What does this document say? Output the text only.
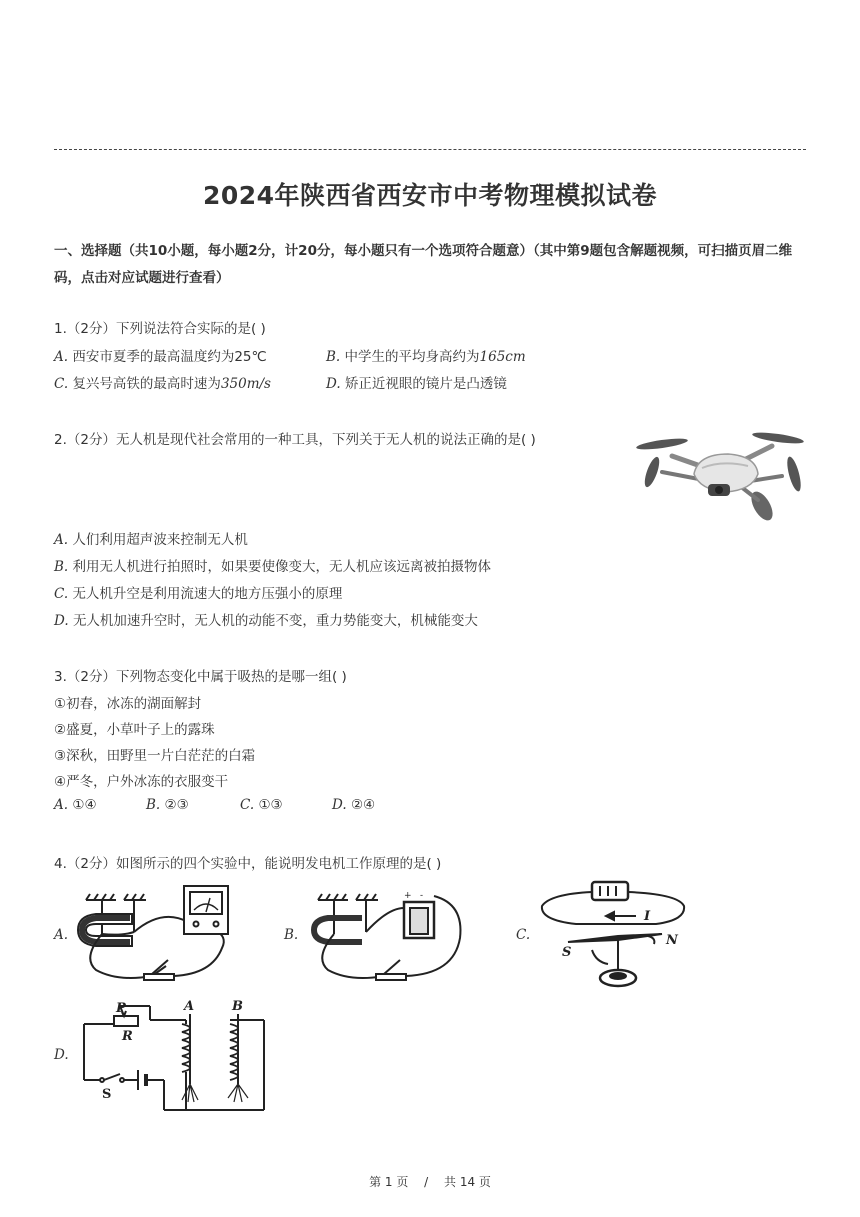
2024年陕西省西安市中考物理模拟试卷
一、选择题（共10小题，每小题2分，计20分，每小题只有一个选项符合题意）（其中第9题包含解题视频，可扫描页眉二维码，点击对应试题进行查看）
1.（2分）下列说法符合实际的是( )
A. 西安市夏季的最高温度约为25℃	B. 中学生的平均身高约为165cm
C. 复兴号高铁的最高时速为350m/s	D. 矫正近视眼的镜片是凸透镜
2.（2分）无人机是现代社会常用的一种工具，下列关于无人机的说法正确的是( )
A. 人们利用超声波来控制无人机
B. 利用无人机进行拍照时，如果要使像变大，无人机应该远离被拍摄物体
C. 无人机升空是利用流速大的地方压强小的原理
D. 无人机加速升空时，无人机的动能不变，重力势能变大，机械能变大
3.（2分）下列物态变化中属于吸热的是哪一组( )
①初春，冰冻的湖面解封
②盛夏，小草叶子上的露珠
③深秋，田野里一片白茫茫的白霜
④严冬，户外冰冻的衣服变干
A. ①④	B. ②③	C. ①③	D. ②④
4.（2分）如图所示的四个实验中，能说明发电机工作原理的是( )
A.	B.	C.
D.
+ -
S
N
I
P
R
A	B
S
第 1 页 / 共 14 页
